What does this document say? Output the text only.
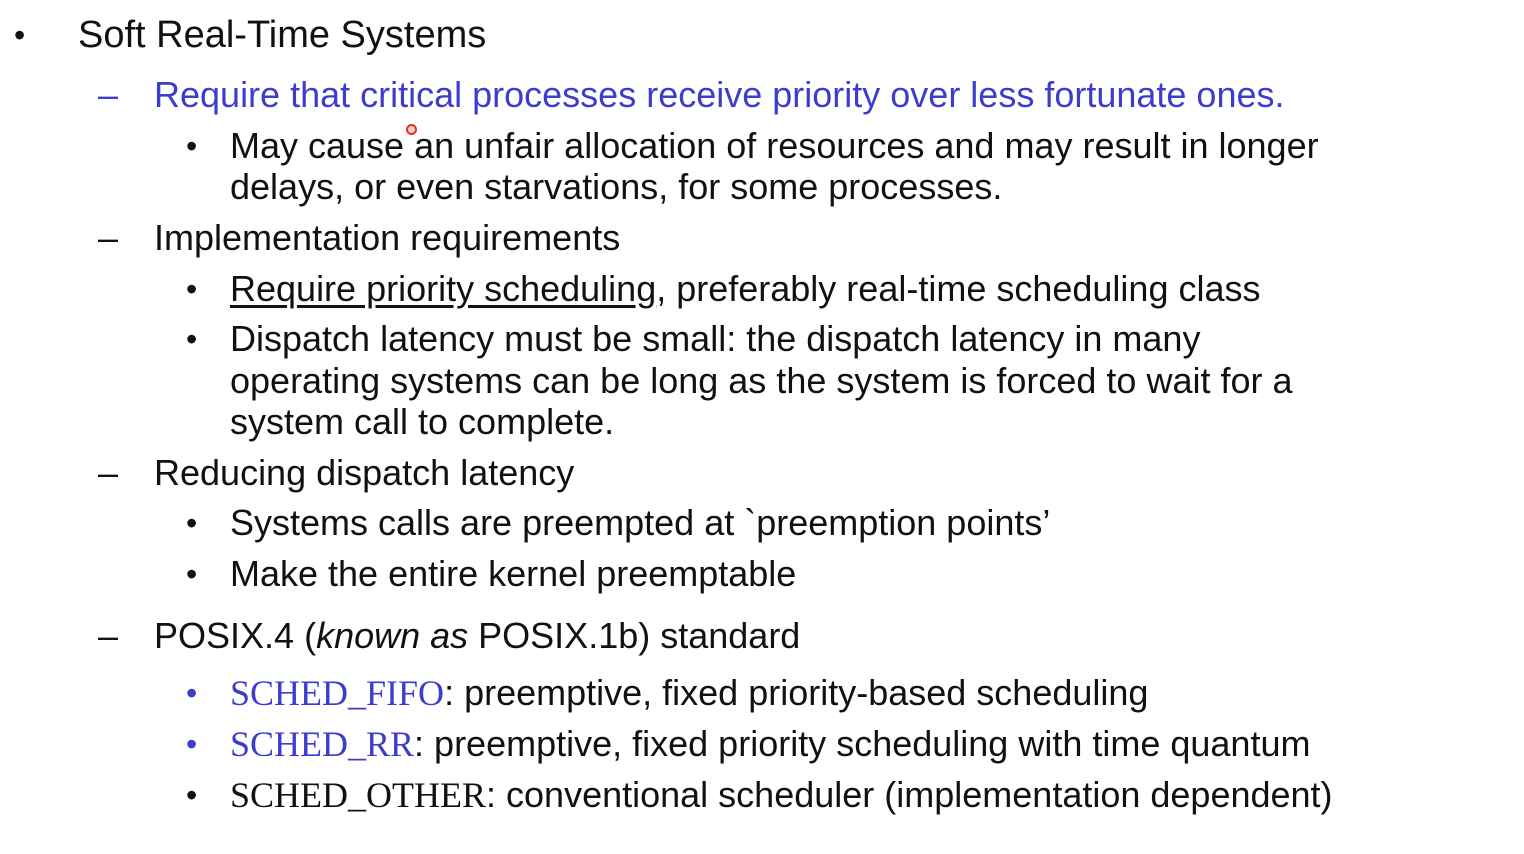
• Soft Real-Time Systems
– Require that critical processes receive priority over less fortunate ones.
• May cause an unfair allocation of resources and may result in longer
delays, or even starvations, for some processes.
– Implementation requirements
• Require priority scheduling, preferably real-time scheduling class
• Dispatch latency must be small: the dispatch latency in many
operating systems can be long as the system is forced to wait for a
system call to complete.
– Reducing dispatch latency
• Systems calls are preempted at `preemption points’
• Make the entire kernel preemptable
– POSIX.4 (known as POSIX.1b) standard
• SCHED_FIFO: preemptive, fixed priority-based scheduling
• SCHED_RR: preemptive, fixed priority scheduling with time quantum
• SCHED_OTHER: conventional scheduler (implementation dependent)
